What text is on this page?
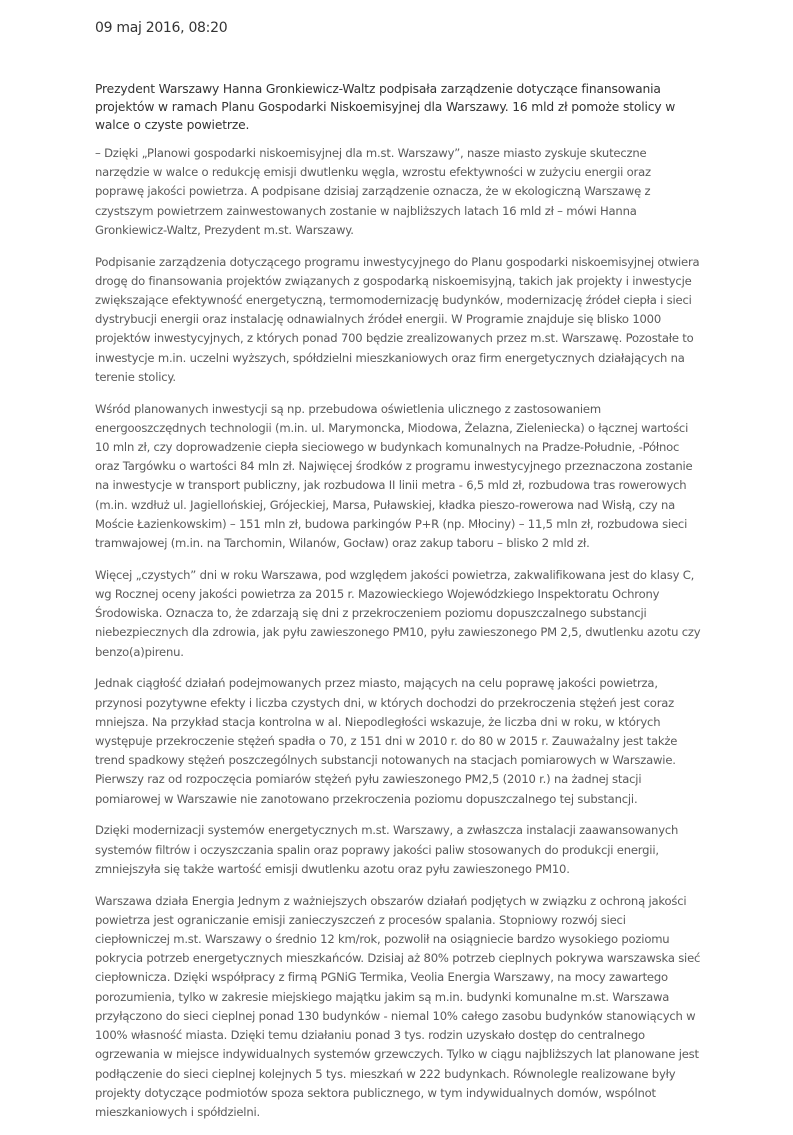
09 maj 2016, 08:20

Prezydent Warszawy Hanna Gronkiewicz-Waltz podpisała zarządzenie dotyczące finansowania projektów w ramach Planu Gospodarki Niskoemisyjnej dla Warszawy. 16 mld zł pomoże stolicy w walce o czyste powietrze.

– Dzięki „Planowi gospodarki niskoemisyjnej dla m.st. Warszawy”, nasze miasto zyskuje skuteczne narzędzie w walce o redukcję emisji dwutlenku węgla, wzrostu efektywności w zużyciu energii oraz poprawę jakości powietrza. A podpisane dzisiaj zarządzenie oznacza, że w ekologiczną Warszawę z czystszym powietrzem zainwestowanych zostanie w najbliższych latach 16 mld zł – mówi Hanna Gronkiewicz-Waltz, Prezydent m.st. Warszawy.

Podpisanie zarządzenia dotyczącego programu inwestycyjnego do Planu gospodarki niskoemisyjnej otwiera drogę do finansowania projektów związanych z gospodarką niskoemisyjną, takich jak projekty i inwestycje zwiększające efektywność energetyczną, termomodernizację budynków, modernizację źródeł ciepła i sieci dystrybucji energii oraz instalację odnawialnych źródeł energii. W Programie znajduje się blisko 1000 projektów inwestycyjnych, z których ponad 700 będzie zrealizowanych przez m.st. Warszawę. Pozostałe to inwestycje m.in. uczelni wyższych, spółdzielni mieszkaniowych oraz firm energetycznych działających na terenie stolicy.

Wśród planowanych inwestycji są np. przebudowa oświetlenia ulicznego z zastosowaniem energooszczędnych technologii (m.in. ul. Marymoncka, Miodowa, Żelazna, Zieleniecka) o łącznej wartości 10 mln zł, czy doprowadzenie ciepła sieciowego w budynkach komunalnych na Pradze-Południe, -Północ oraz Targówku o wartości 84 mln zł. Najwięcej środków z programu inwestycyjnego przeznaczona zostanie na inwestycje w transport publiczny, jak rozbudowa II linii metra - 6,5 mld zł, rozbudowa tras rowerowych (m.in. wzdłuż ul. Jagiellońskiej, Grójeckiej, Marsa, Puławskiej, kładka pieszo-rowerowa nad Wisłą, czy na Moście Łazienkowskim) – 151 mln zł, budowa parkingów P+R (np. Młociny) – 11,5 mln zł, rozbudowa sieci tramwajowej (m.in. na Tarchomin, Wilanów, Gocław) oraz zakup taboru – blisko 2 mld zł.

Więcej „czystych” dni w roku Warszawa, pod względem jakości powietrza, zakwalifikowana jest do klasy C, wg Rocznej oceny jakości powietrza za 2015 r. Mazowieckiego Wojewódzkiego Inspektoratu Ochrony Środowiska. Oznacza to, że zdarzają się dni z przekroczeniem poziomu dopuszczalnego substancji niebezpiecznych dla zdrowia, jak pyłu zawieszonego PM10, pyłu zawieszonego PM 2,5, dwutlenku azotu czy benzo(a)pirenu.

Jednak ciągłość działań podejmowanych przez miasto, mających na celu poprawę jakości powietrza, przynosi pozytywne efekty i liczba czystych dni, w których dochodzi do przekroczenia stężeń jest coraz mniejsza. Na przykład stacja kontrolna w al. Niepodległości wskazuje, że liczba dni w roku, w których występuje przekroczenie stężeń spadła o 70, z 151 dni w 2010 r. do 80 w 2015 r. Zauważalny jest także trend spadkowy stężeń poszczególnych substancji notowanych na stacjach pomiarowych w Warszawie. Pierwszy raz od rozpoczęcia pomiarów stężeń pyłu zawieszonego PM2,5 (2010 r.) na żadnej stacji pomiarowej w Warszawie nie zanotowano przekroczenia poziomu dopuszczalnego tej substancji.

Dzięki modernizacji systemów energetycznych m.st. Warszawy, a zwłaszcza instalacji zaawansowanych systemów filtrów i oczyszczania spalin oraz poprawy jakości paliw stosowanych do produkcji energii, zmniejszyła się także wartość emisji dwutlenku azotu oraz pyłu zawieszonego PM10.

Warszawa działa Energia Jednym z ważniejszych obszarów działań podjętych w związku z ochroną jakości powietrza jest ograniczanie emisji zanieczyszczeń z procesów spalania. Stopniowy rozwój sieci ciepłowniczej m.st. Warszawy o średnio 12 km/rok, pozwolił na osiągniecie bardzo wysokiego poziomu pokrycia potrzeb energetycznych mieszkańców. Dzisiaj aż 80% potrzeb cieplnych pokrywa warszawska sieć ciepłownicza. Dzięki współpracy z firmą PGNiG Termika, Veolia Energia Warszawy, na mocy zawartego porozumienia, tylko w zakresie miejskiego majątku jakim są m.in. budynki komunalne m.st. Warszawa przyłączono do sieci cieplnej ponad 130 budynków - niemal 10% całego zasobu budynków stanowiących w 100% własność miasta. Dzięki temu działaniu ponad 3 tys. rodzin uzyskało dostęp do centralnego ogrzewania w miejsce indywidualnych systemów grzewczych. Tylko w ciągu najbliższych lat planowane jest podłączenie do sieci cieplnej kolejnych 5 tys. mieszkań w 222 budynkach. Równolegle realizowane były projekty dotyczące podmiotów spoza sektora publicznego, w tym indywidualnych domów, wspólnot mieszkaniowych i spółdzielni.
